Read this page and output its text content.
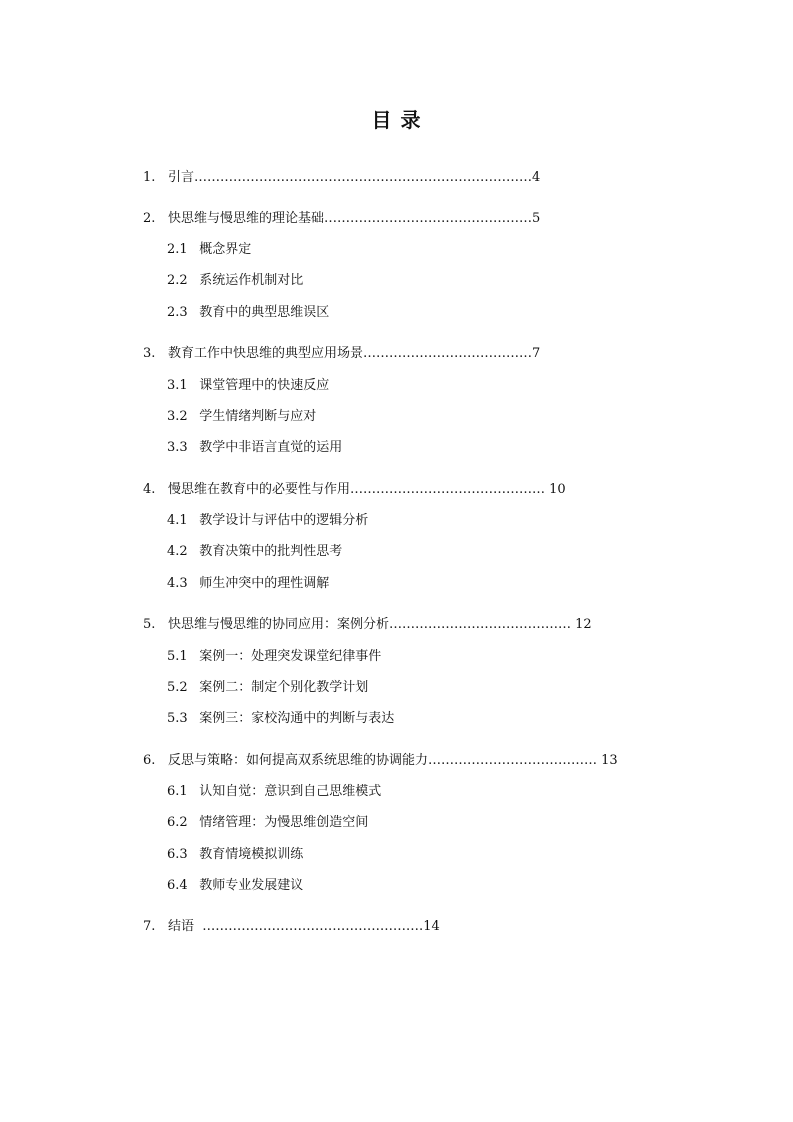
目 录
1. 引言……………………………………………………………………4
2. 快思维与慢思维的理论基础…………………………………………5
2.1 概念界定
2.2 系统运作机制对比
2.3 教育中的典型思维误区
3. 教育工作中快思维的典型应用场景…………………………………7
3.1 课堂管理中的快速反应
3.2 学生情绪判断与应对
3.3 教学中非语言直觉的运用
4. 慢思维在教育中的必要性与作用……………………………………… 10
4.1 教学设计与评估中的逻辑分析
4.2 教育决策中的批判性思考
4.3 师生冲突中的理性调解
5. 快思维与慢思维的协同应用：案例分析…………………………………… 12
5.1 案例一：处理突发课堂纪律事件
5.2 案例二：制定个别化教学计划
5.3 案例三：家校沟通中的判断与表达
6. 反思与策略：如何提高双系统思维的协调能力………………………………… 13
6.1 认知自觉：意识到自己思维模式
6.2 情绪管理：为慢思维创造空间
6.3 教育情境模拟训练
6.4 教师专业发展建议
7. 结语  ……………………………………………14
